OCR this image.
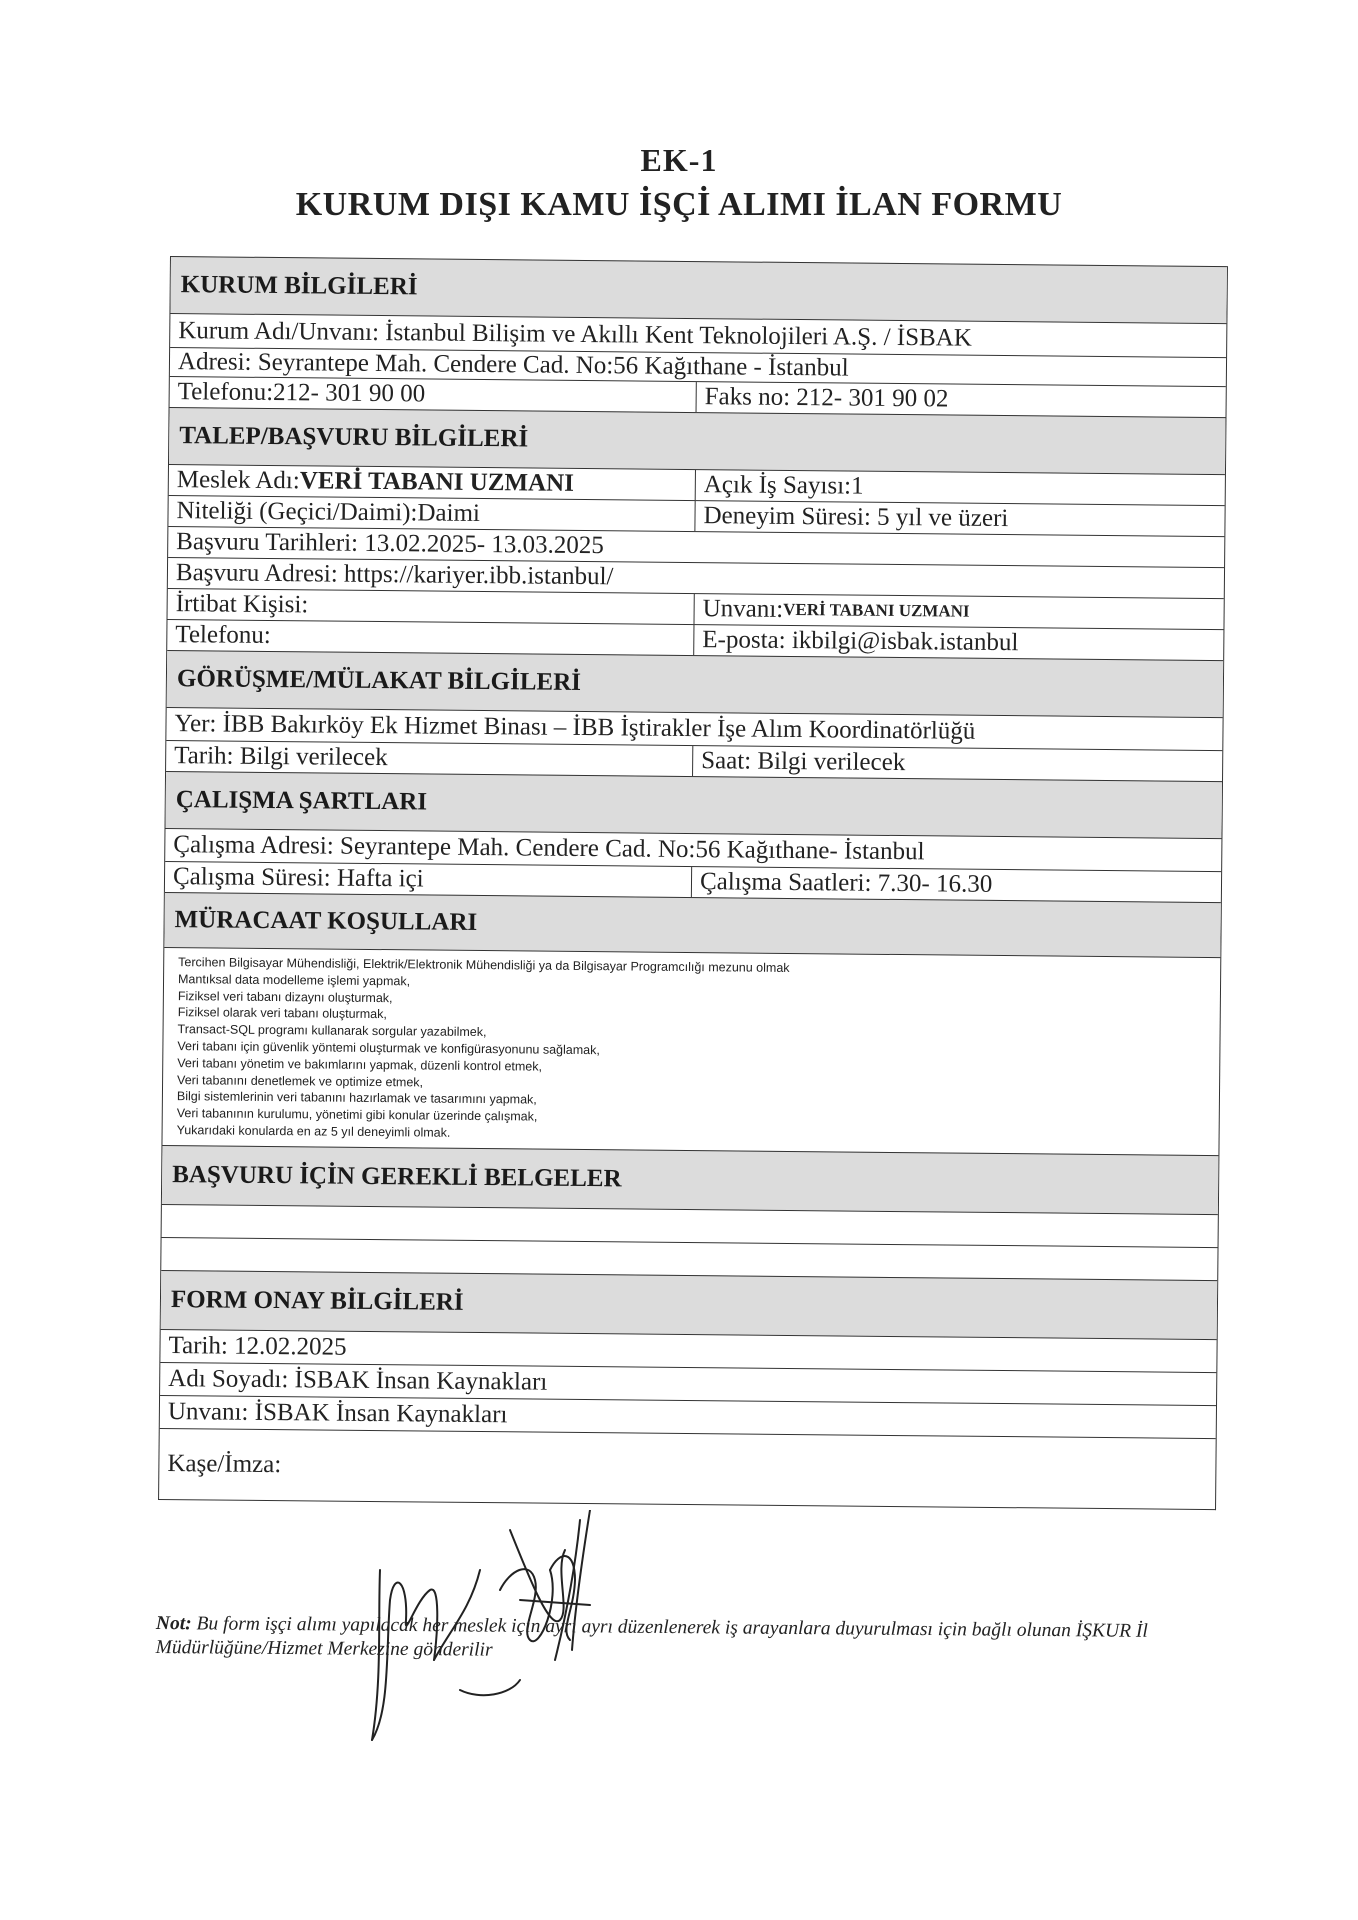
EK-1
KURUM DIŞI KAMU İŞÇİ ALIMI İLAN FORMU
KURUM BİLGİLERİ
Kurum Adı/Unvanı: İstanbul Bilişim ve Akıllı Kent Teknolojileri A.Ş. / İSBAK
Adresi: Seyrantepe Mah. Cendere Cad. No:56 Kağıthane - İstanbul
Telefonu:212- 301 90 00	Faks no: 212- 301 90 02
TALEP/BAŞVURU BİLGİLERİ
Meslek Adı: VERİ TABANI UZMANI	Açık İş Sayısı:1
Niteliği (Geçici/Daimi):Daimi	Deneyim Süresi: 5 yıl ve üzeri
Başvuru Tarihleri: 13.02.2025- 13.03.2025
Başvuru Adresi: https://kariyer.ibb.istanbul/
İrtibat Kişisi:	Unvanı: VERİ TABANI UZMANI
Telefonu:	E-posta: ikbilgi@isbak.istanbul
GÖRÜŞME/MÜLAKAT BİLGİLERİ
Yer: İBB Bakırköy Ek Hizmet Binası – İBB İştirakler İşe Alım Koordinatörlüğü
Tarih: Bilgi verilecek	Saat: Bilgi verilecek
ÇALIŞMA ŞARTLARI
Çalışma Adresi: Seyrantepe Mah. Cendere Cad. No:56 Kağıthane- İstanbul
Çalışma Süresi: Hafta içi	Çalışma Saatleri: 7.30- 16.30
MÜRACAAT KOŞULLARI
Tercihen Bilgisayar Mühendisliği, Elektrik/Elektronik Mühendisliği ya da Bilgisayar Programcılığı mezunu olmak
Mantıksal data modelleme işlemi yapmak,
Fiziksel veri tabanı dizaynı oluşturmak,
Fiziksel olarak veri tabanı oluşturmak,
Transact-SQL programı kullanarak sorgular yazabilmek,
Veri tabanı için güvenlik yöntemi oluşturmak ve konfigürasyonunu sağlamak,
Veri tabanı yönetim ve bakımlarını yapmak, düzenli kontrol etmek,
Veri tabanını denetlemek ve optimize etmek,
Bilgi sistemlerinin veri tabanını hazırlamak ve tasarımını yapmak,
Veri tabanının kurulumu, yönetimi gibi konular üzerinde çalışmak,
Yukarıdaki konularda en az 5 yıl deneyimli olmak.
BAŞVURU İÇİN GEREKLİ BELGELER
FORM ONAY BİLGİLERİ
Tarih: 12.02.2025
Adı Soyadı: İSBAK İnsan Kaynakları
Unvanı: İSBAK İnsan Kaynakları
Kaşe/İmza:
Not: Bu form işçi alımı yapılacak her meslek için ayrı ayrı düzenlenerek iş arayanlara duyurulması için bağlı olunan İŞKUR İl Müdürlüğüne/Hizmet Merkezine gönderilir
